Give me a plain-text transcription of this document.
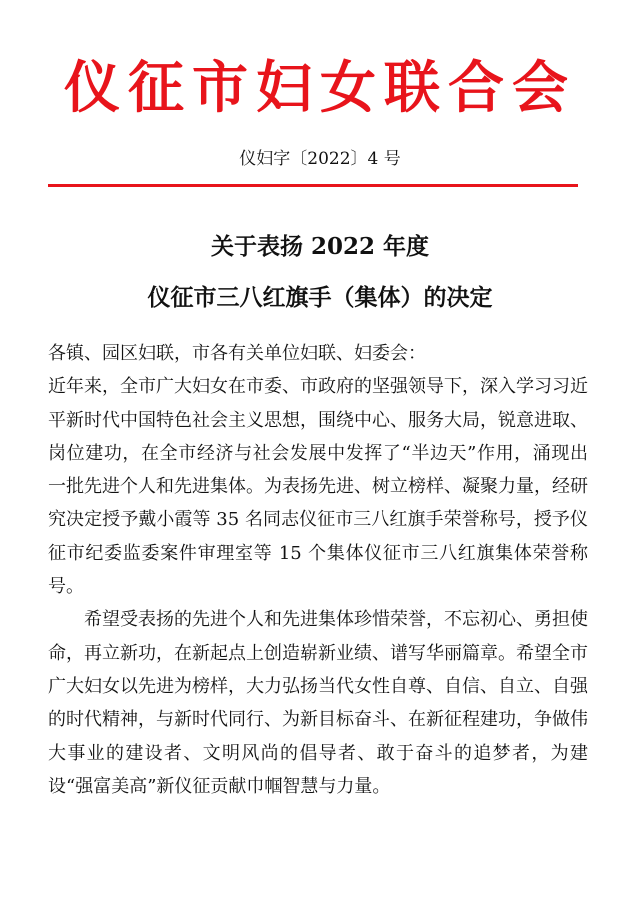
仪征市妇女联合会
仪妇字〔2022〕4 号
关于表扬 2022 年度
仪征市三八红旗手（集体）的决定

各镇、园区妇联，市各有关单位妇联、妇委会：

近年来，全市广大妇女在市委、市政府的坚强领导下，深入学习习近平新时代中国特色社会主义思想，围绕中心、服务大局，锐意进取、岗位建功，在全市经济与社会发展中发挥了“半边天”作用，涌现出一批先进个人和先进集体。为表扬先进、树立榜样、凝聚力量，经研究决定授予戴小霞等 35 名同志仪征市三八红旗手荣誉称号，授予仪征市纪委监委案件审理室等 15 个集体仪征市三八红旗集体荣誉称号。

希望受表扬的先进个人和先进集体珍惜荣誉，不忘初心、勇担使命，再立新功，在新起点上创造崭新业绩、谱写华丽篇章。希望全市广大妇女以先进为榜样，大力弘扬当代女性自尊、自信、自立、自强的时代精神，与新时代同行、为新目标奋斗、在新征程建功，争做伟大事业的建设者、文明风尚的倡导者、敢于奋斗的追梦者，为建设“强富美高”新仪征贡献巾帼智慧与力量。
